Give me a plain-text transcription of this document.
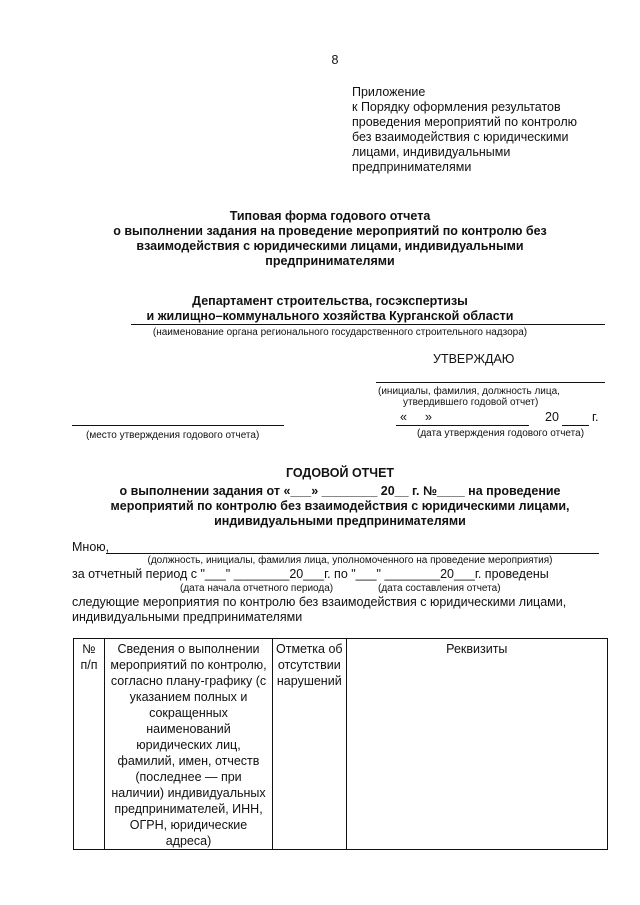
8
Приложение
к Порядку оформления результатов
проведения мероприятий по контролю
без взаимодействия с юридическими
лицами, индивидуальными
предпринимателями
Типовая форма годового отчета
о выполнении задания на проведение мероприятий по контролю без
взаимодействия с юридическими лицами, индивидуальными
предпринимателями
Департамент строительства, госэкспертизы
и жилищно–коммунального хозяйства Курганской области
(наименование органа регионального государственного строительного надзора)
УТВЕРЖДАЮ
(инициалы, фамилия, должность лица,
утвердившего годовой отчет)
« »	20	г.
(дата утверждения годового отчета)
(место утверждения годового отчета)
ГОДОВОЙ ОТЧЕТ
о выполнении задания от «___» ________ 20__ г. №____ на проведение
мероприятий по контролю без взаимодействия с юридическими лицами,
индивидуальными предпринимателями
Мною,
(должность, инициалы, фамилия лица, уполномоченного на проведение мероприятия)
за отчетный период с "___" ________20___г. по "___" ________20___г. проведены
(дата начала отчетного периода)	(дата составления отчета)
следующие мероприятия по контролю без взаимодействия с юридическими лицами,
индивидуальными предпринимателями
№
п/п

Сведения о выполнении
мероприятий по контролю,
согласно плану-графику (с
указанием полных и
сокращенных
наименований
юридических лиц,
фамилий, имен, отчеств
(последнее — при
наличии) индивидуальных
предпринимателей, ИНН,
ОГРН, юридические
адреса)

Отметка об
отсутствии
нарушений

Реквизиты
